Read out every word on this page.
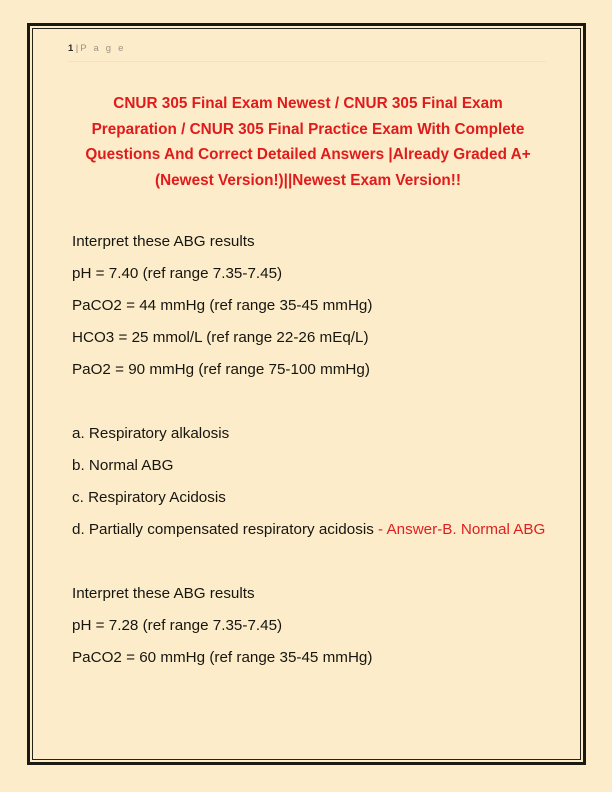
1 | P a g e
CNUR 305 Final Exam Newest / CNUR 305 Final Exam Preparation / CNUR 305 Final Practice Exam With Complete Questions And Correct Detailed Answers |Already Graded A+(Newest Version!)||Newest Exam Version!!

Interpret these ABG results

pH = 7.40 (ref range 7.35-7.45)

PaCO2 = 44 mmHg (ref range 35-45 mmHg)

HCO3 = 25 mmol/L (ref range 22-26 mEq/L)

PaO2 = 90 mmHg (ref range 75-100 mmHg)

a. Respiratory alkalosis

b. Normal ABG

c. Respiratory Acidosis

d. Partially compensated respiratory acidosis - Answer-B. Normal ABG

Interpret these ABG results

pH = 7.28 (ref range 7.35-7.45)

PaCO2 = 60 mmHg (ref range 35-45 mmHg)
